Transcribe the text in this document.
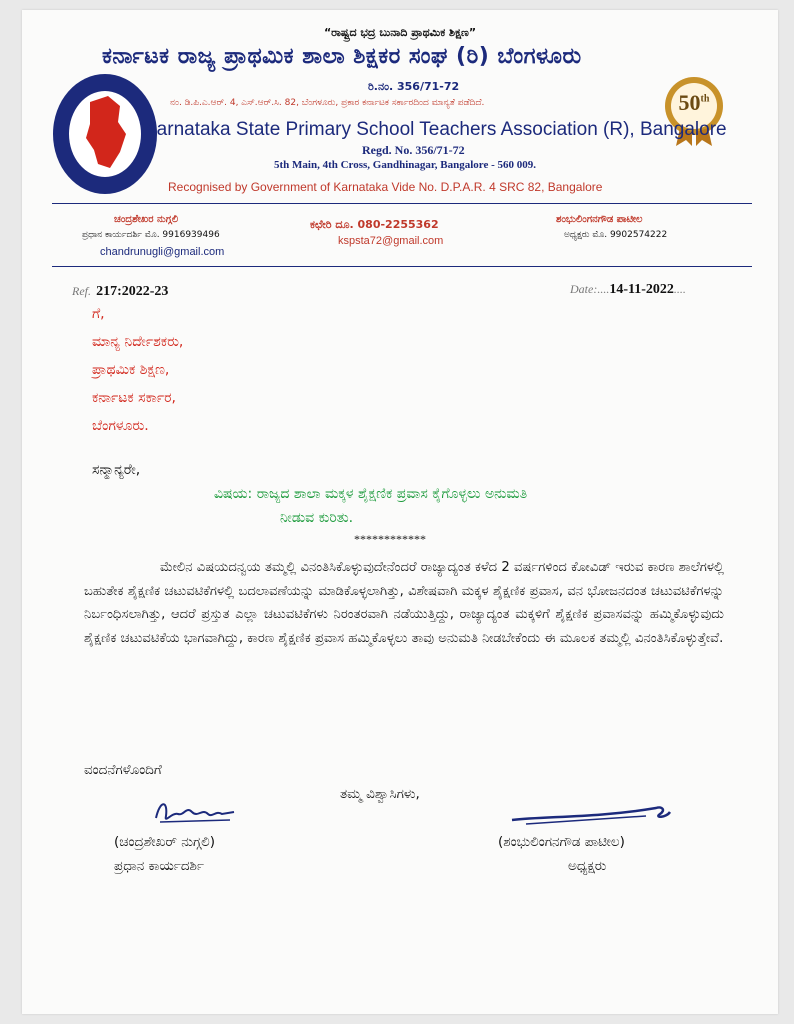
50th
“ರಾಷ್ಟ್ರದ ಭದ್ರ ಬುನಾದಿ ಪ್ರಾಥಮಿಕ ಶಿಕ್ಷಣ”
ಕರ್ನಾಟಕ ರಾಜ್ಯ ಪ್ರಾಥಮಿಕ ಶಾಲಾ ಶಿಕ್ಷಕರ ಸಂಘ (ರಿ) ಬೆಂಗಳೂರು
ರಿ.ನಂ. 356/71-72
ನಂ. ಡಿ.ಪಿ.ಎ.ಆರ್. 4, ಎಸ್.ಆರ್.ಸಿ. 82, ಬೆಂಗಳೂರು, ಪ್ರಕಾರ ಕರ್ನಾಟಕ ಸರ್ಕಾರದಿಂದ ಮಾನ್ಯತೆ ಪಡೆದಿದೆ.
Karnataka State Primary School Teachers Association (R), Bangalore
Regd. No. 356/71-72
5th Main, 4th Cross, Gandhinagar, Bangalore - 560 009.
Recognised by Government of Karnataka Vide No. D.P.A.R. 4 SRC 82, Bangalore
ಚಂದ್ರಶೇಖರ ನುಗ್ಗಲಿ
ಪ್ರಧಾನ ಕಾರ್ಯದರ್ಶಿ ಮೊ. 9916939496
chandrunugli@gmail.com
ಕಛೇರಿ ದೂ. 080-2255362
kspsta72@gmail.com
ಶಂಭುಲಿಂಗನಗೌಡ ಪಾಟೀಲ
ಅಧ್ಯಕ್ಷರು ಮೊ. 9902574222
Ref. 217:2022-23	Date:....14-11-2022....
ಗೆ,
ಮಾನ್ಯ ನಿರ್ದೇಶಕರು,
ಪ್ರಾಥಮಿಕ ಶಿಕ್ಷಣ,
ಕರ್ನಾಟಕ ಸರ್ಕಾರ,
ಬೆಂಗಳೂರು.
ಸನ್ಮಾನ್ಯರೇ,
ವಿಷಯ: ರಾಜ್ಯದ ಶಾಲಾ ಮಕ್ಕಳ ಶೈಕ್ಷಣಿಕ ಪ್ರವಾಸ ಕೈಗೊಳ್ಳಲು ಅನುಮತಿ
ನೀಡುವ ಕುರಿತು.
************
ಮೇಲಿನ ವಿಷಯದನ್ವಯ ತಮ್ಮಲ್ಲಿ ವಿನಂತಿಸಿಕೊಳ್ಳುವುದೇನೆಂದರೆ ರಾಜ್ಯಾದ್ಯಂತ ಕಳೆದ 2 ವರ್ಷಗಳಿಂದ ಕೋವಿಡ್ ಇರುವ ಕಾರಣ ಶಾಲೆಗಳಲ್ಲಿ ಬಹುತೇಕ ಶೈಕ್ಷಣಿಕ ಚಟುವಟಿಕೆಗಳಲ್ಲಿ ಬದಲಾವಣೆಯನ್ನು ಮಾಡಿಕೊಳ್ಳಲಾಗಿತ್ತು, ವಿಶೇಷವಾಗಿ ಮಕ್ಕಳ ಶೈಕ್ಷಣಿಕ ಪ್ರವಾಸ, ವನ ಭೋಜನದಂತ ಚಟುವಟಿಕೆಗಳನ್ನು ನಿರ್ಬಂಧಿಸಲಾಗಿತ್ತು, ಆದರೆ ಪ್ರಸ್ತುತ ಎಲ್ಲಾ ಚಟುವಟಿಕೆಗಳು ನಿರಂತರವಾಗಿ ನಡೆಯುತ್ತಿದ್ದು, ರಾಜ್ಯಾದ್ಯಂತ ಮಕ್ಕಳಿಗೆ ಶೈಕ್ಷಣಿಕ ಪ್ರವಾಸವನ್ನು ಹಮ್ಮಿಕೊಳ್ಳುವುದು ಶೈಕ್ಷಣಿಕ ಚಟುವಟಿಕೆಯ ಭಾಗವಾಗಿದ್ದು, ಕಾರಣ ಶೈಕ್ಷಣಿಕ ಪ್ರವಾಸ ಹಮ್ಮಿಕೊಳ್ಳಲು ತಾವು ಅನುಮತಿ ನೀಡಬೇಕೆಂದು ಈ ಮೂಲಕ ತಮ್ಮಲ್ಲಿ ವಿನಂತಿಸಿಕೊಳ್ಳುತ್ತೇವೆ.
ವಂದನೆಗಳೊಂದಿಗೆ
ತಮ್ಮ ವಿಶ್ವಾಸಿಗಳು,
(ಚಂದ್ರಶೇಖರ್ ನುಗ್ಗಲಿ)
ಪ್ರಧಾನ ಕಾರ್ಯದರ್ಶಿ
(ಶಂಭುಲಿಂಗನಗೌಡ ಪಾಟೀಲ)
ಅಧ್ಯಕ್ಷರು
